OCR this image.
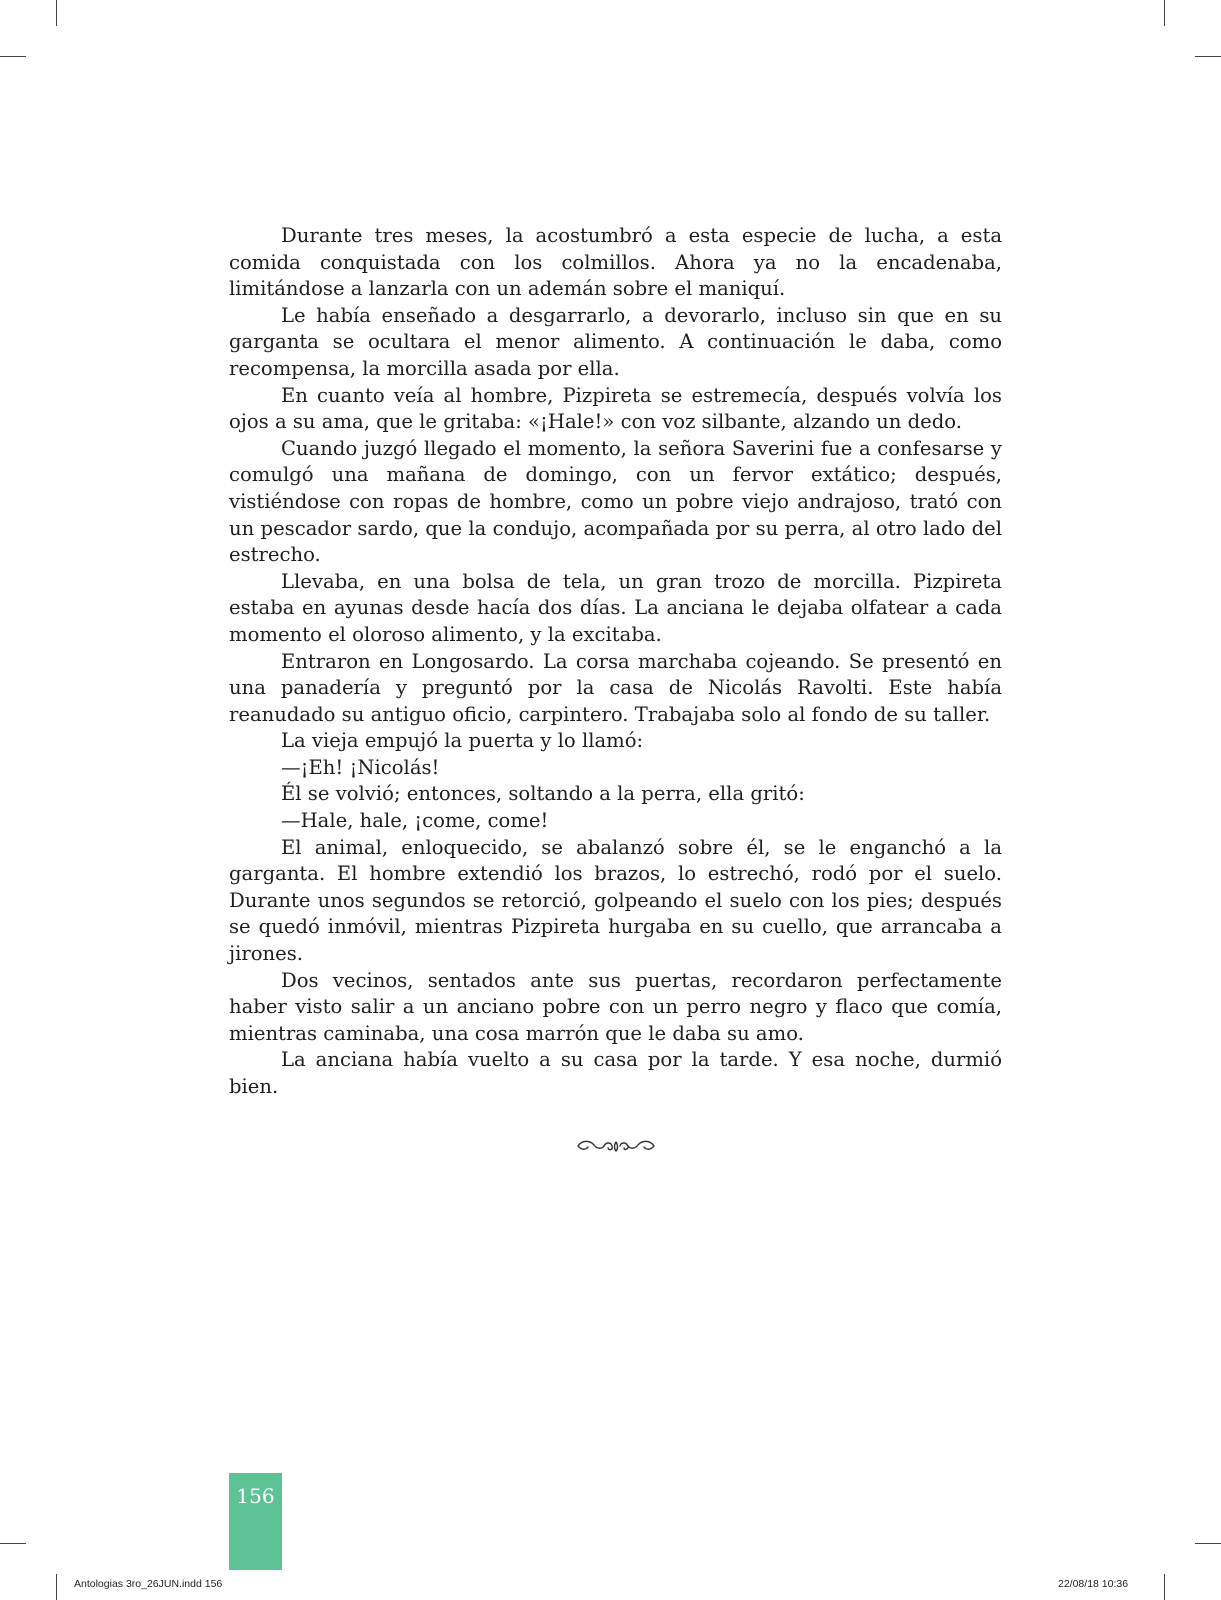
Durante tres meses, la acostumbró a esta especie de lucha, a esta comida conquistada con los colmillos. Ahora ya no la encadenaba, limitándose a lanzarla con un ademán sobre el maniquí.

Le había enseñado a desgarrarlo, a devorarlo, incluso sin que en su garganta se ocultara el menor alimento. A continuación le daba, como recompensa, la morcilla asada por ella.

En cuanto veía al hombre, Pizpireta se estremecía, después volvía los ojos a su ama, que le gritaba: «¡Hale!» con voz silbante, alzando un dedo.

Cuando juzgó llegado el momento, la señora Saverini fue a confesarse y comulgó una mañana de domingo, con un fervor extático; después, vistiéndose con ropas de hombre, como un pobre viejo andrajoso, trató con un pescador sardo, que la condujo, acompañada por su perra, al otro lado del estrecho.

Llevaba, en una bolsa de tela, un gran trozo de morcilla. Pizpireta estaba en ayunas desde hacía dos días. La anciana le dejaba olfatear a cada momento el oloroso alimento, y la excitaba.

Entraron en Longosardo. La corsa marchaba cojeando. Se presentó en una panadería y preguntó por la casa de Nicolás Ravolti. Este había reanudado su antiguo oficio, carpintero. Trabajaba solo al fondo de su taller.

La vieja empujó la puerta y lo llamó:

—¡Eh! ¡Nicolás!

Él se volvió; entonces, soltando a la perra, ella gritó:

—Hale, hale, ¡come, come!

El animal, enloquecido, se abalanzó sobre él, se le enganchó a la garganta. El hombre extendió los brazos, lo estrechó, rodó por el suelo. Durante unos segundos se retorció, golpeando el suelo con los pies; después se quedó inmóvil, mientras Pizpireta hurgaba en su cuello, que arrancaba a jirones.

Dos vecinos, sentados ante sus puertas, recordaron perfectamente haber visto salir a un anciano pobre con un perro negro y flaco que comía, mientras caminaba, una cosa marrón que le daba su amo.

La anciana había vuelto a su casa por la tarde. Y esa noche, durmió bien.

156
Antologias 3ro_26JUN.indd 156	22/08/18 10:36
